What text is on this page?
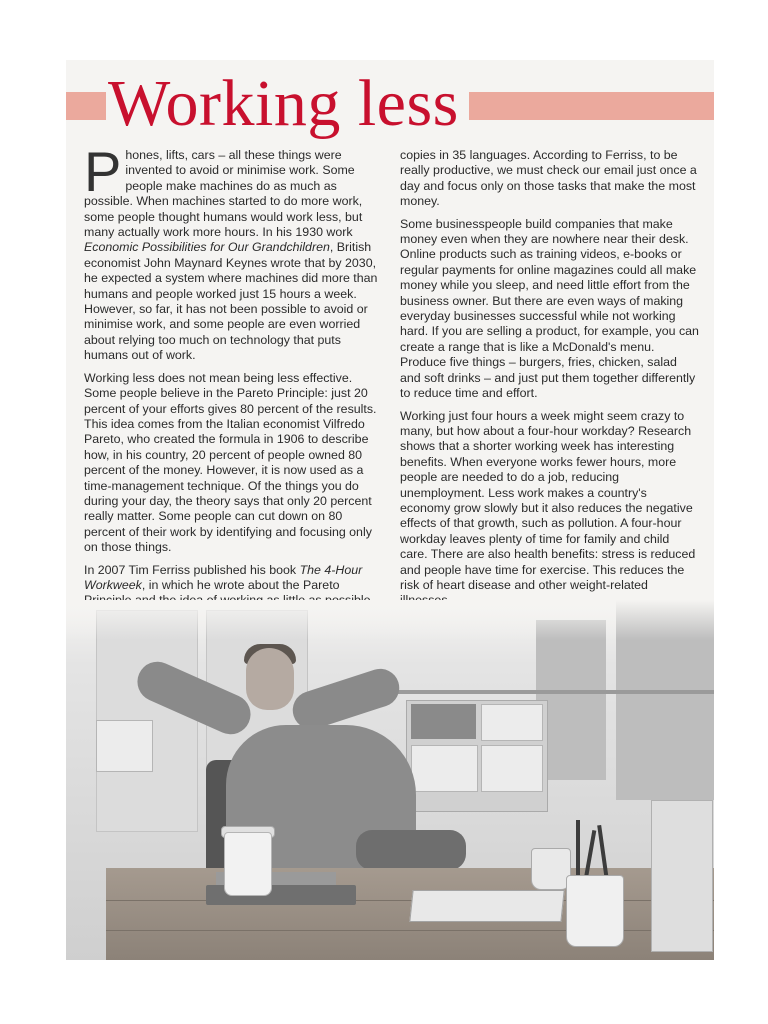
Working less

Phones, lifts, cars – all these things were invented to avoid or minimise work. Some people make machines do as much as possible. When machines started to do more work, some people thought humans would work less, but many actually work more hours. In his 1930 work Economic Possibilities for Our Grandchildren, British economist John Maynard Keynes wrote that by 2030, he expected a system where machines did more than humans and people worked just 15 hours a week. However, so far, it has not been possible to avoid or minimise work, and some people are even worried about relying too much on technology that puts humans out of work.

Working less does not mean being less effective. Some people believe in the Pareto Principle: just 20 percent of your efforts gives 80 percent of the results. This idea comes from the Italian economist Vilfredo Pareto, who created the formula in 1906 to describe how, in his country, 20 percent of people owned 80 percent of the money. However, it is now used as a time-management technique. Of the things you do during your day, the theory says that only 20 percent really matter. Some people can cut down on 80 percent of their work by identifying and focusing only on those things.

In 2007 Tim Ferriss published his book The 4-Hour Workweek, in which he wrote about the Pareto

copies in 35 languages. According to Ferriss, to be really productive, we must check our email just once a day and focus only on those tasks that make the most money.

Some businesspeople build companies that make money even when they are nowhere near their desk. Online products such as training videos, e-books or regular payments for online magazines could all make money while you sleep, and need little effort from the business owner. But there are even ways of making everyday businesses successful while not working hard. If you are selling a product, for example, you can create a range that is like a McDonald's menu. Produce five things – burgers, fries, chicken, salad and soft drinks – and just put them together differently to reduce time and effort.

Working just four hours a week might seem crazy to many, but how about a four-hour workday? Research shows that a shorter working week has interesting benefits. When everyone works fewer hours, more people are needed to do a job, reducing unemployment. Less work makes a country's economy grow slowly but it also reduces the negative effects of that growth, such as pollution. A four-hour workday leaves plenty of time for family and child care. There are also health benefits: stress is reduced and people have time for exercise. This reduces the risk of heart disease and other weight-related
